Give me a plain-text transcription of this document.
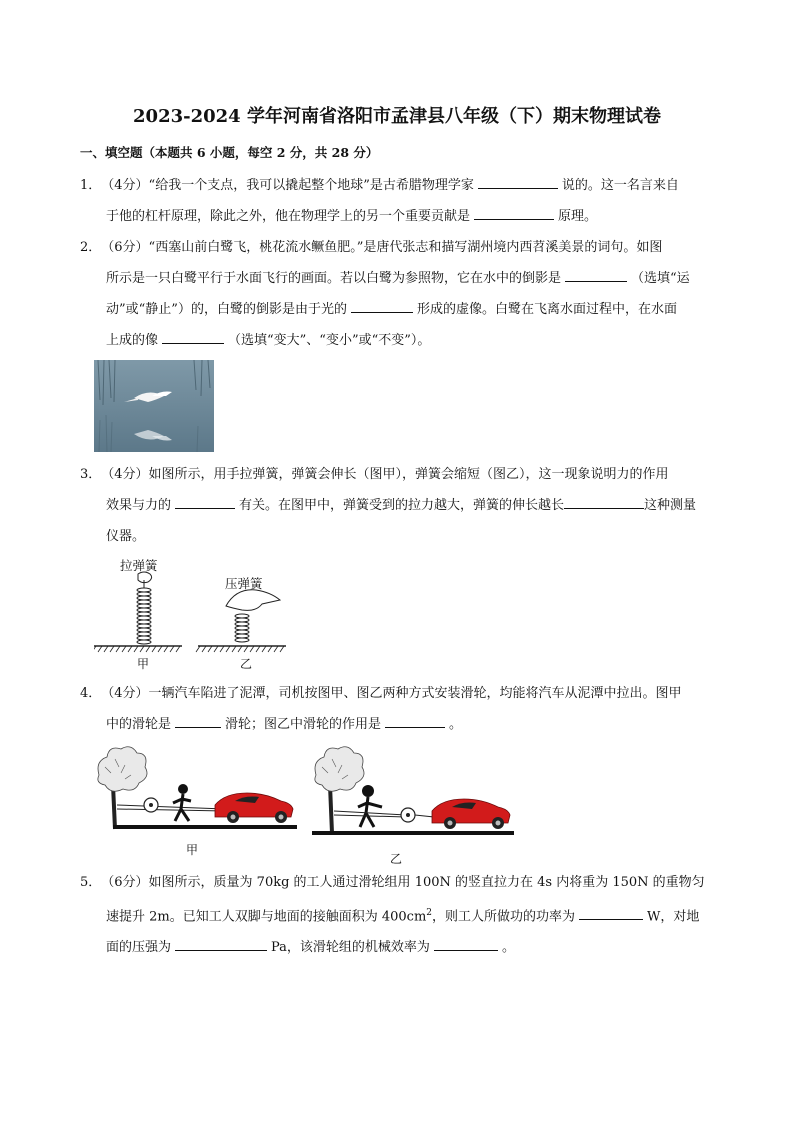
2023-2024 学年河南省洛阳市孟津县八年级（下）期末物理试卷
一、填空题（本题共 6 小题，每空 2 分，共 28 分）

1．（4分）“给我一个支点，我可以撬起整个地球”是古希腊物理学家	说的。这一名言来自

于他的杠杆原理，除此之外，他在物理学上的另一个重要贡献是	原理。

2．（6分）“西塞山前白鹭飞，桃花流水鳜鱼肥。”是唐代张志和描写湖州境内西苕溪美景的词句。如图

所示是一只白鹭平行于水面飞行的画面。若以白鹭为参照物，它在水中的倒影是	（选填“运

动”或“静止”）的，白鹭的倒影是由于光的	形成的虚像。白鹭在飞离水面过程中，在水面

上成的像	（选填“变大”、“变小”或“不变”）。

3．（4分）如图所示，用手拉弹簧，弹簧会伸长（图甲），弹簧会缩短（图乙），这一现象说明力的作用

效果与力的	有关。在图甲中，弹簧受到的拉力越大，弹簧的伸长越长	这种测量

仪器。

拉弹簧
压弹簧
甲	乙

4．（4分）一辆汽车陷进了泥潭，司机按图甲、图乙两种方式安装滑轮，均能将汽车从泥潭中拉出。图甲

中的滑轮是	滑轮；图乙中滑轮的作用是	。

甲
乙

5．（6分）如图所示，质量为 70kg 的工人通过滑轮组用 100N 的竖直拉力在 4s 内将重为 150N 的重物匀

速提升 2m。已知工人双脚与地面的接触面积为 $400cm^2$，则工人所做功的功率为	W，对地

面的压强为	Pa，该滑轮组的机械效率为	。
